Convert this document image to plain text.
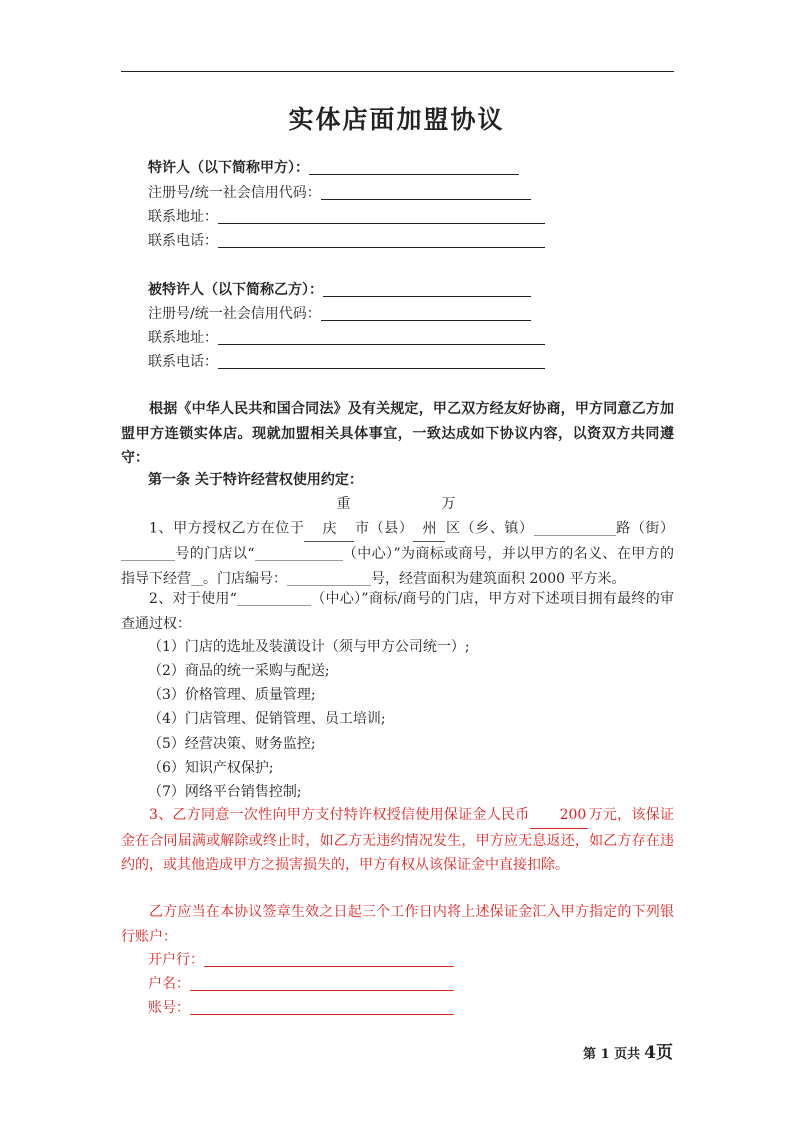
实体店面加盟协议
特许人（以下简称甲方）：
注册号/统一社会信用代码：
联系地址：
联系电话：
被特许人（以下简称乙方）：
注册号/统一社会信用代码：
联系地址：
联系电话：
根据《中华人民共和国合同法》及有关规定，甲乙双方经友好协商，甲方同意乙方加盟甲方连锁实体店。现就加盟相关具体事宜，一致达成如下协议内容，以资双方共同遵守：
第一条 关于特许经营权使用约定：
1、甲方授权乙方在位于重庆 市（县）万州 区（乡、镇）	路（街）号的门店以“	（中心）”为商标或商号，并以甲方的名义、在甲方的指导下经营 。门店编号：	号，经营面积为建筑面积 2000 平方米。
2、对于使用“	（中心）”商标/商号的门店，甲方对下述项目拥有最终的审查通过权：
（1）门店的选址及装潢设计（须与甲方公司统一）;
（2）商品的统一采购与配送;
（3）价格管理、质量管理;
（4）门店管理、促销管理、员工培训;
（5）经营决策、财务监控;
（6）知识产权保护;
（7）网络平台销售控制;
3、乙方同意一次性向甲方支付特许权授信使用保证金人民币 200 万元，该保证金在合同届满或解除或终止时，如乙方无违约情况发生，甲方应无息返还，如乙方存在违约的，或其他造成甲方之损害损失的，甲方有权从该保证金中直接扣除。
乙方应当在本协议签章生效之日起三个工作日内将上述保证金汇入甲方指定的下列银行账户：
开户行：
户名：
账号：
第 1 页共 4页
